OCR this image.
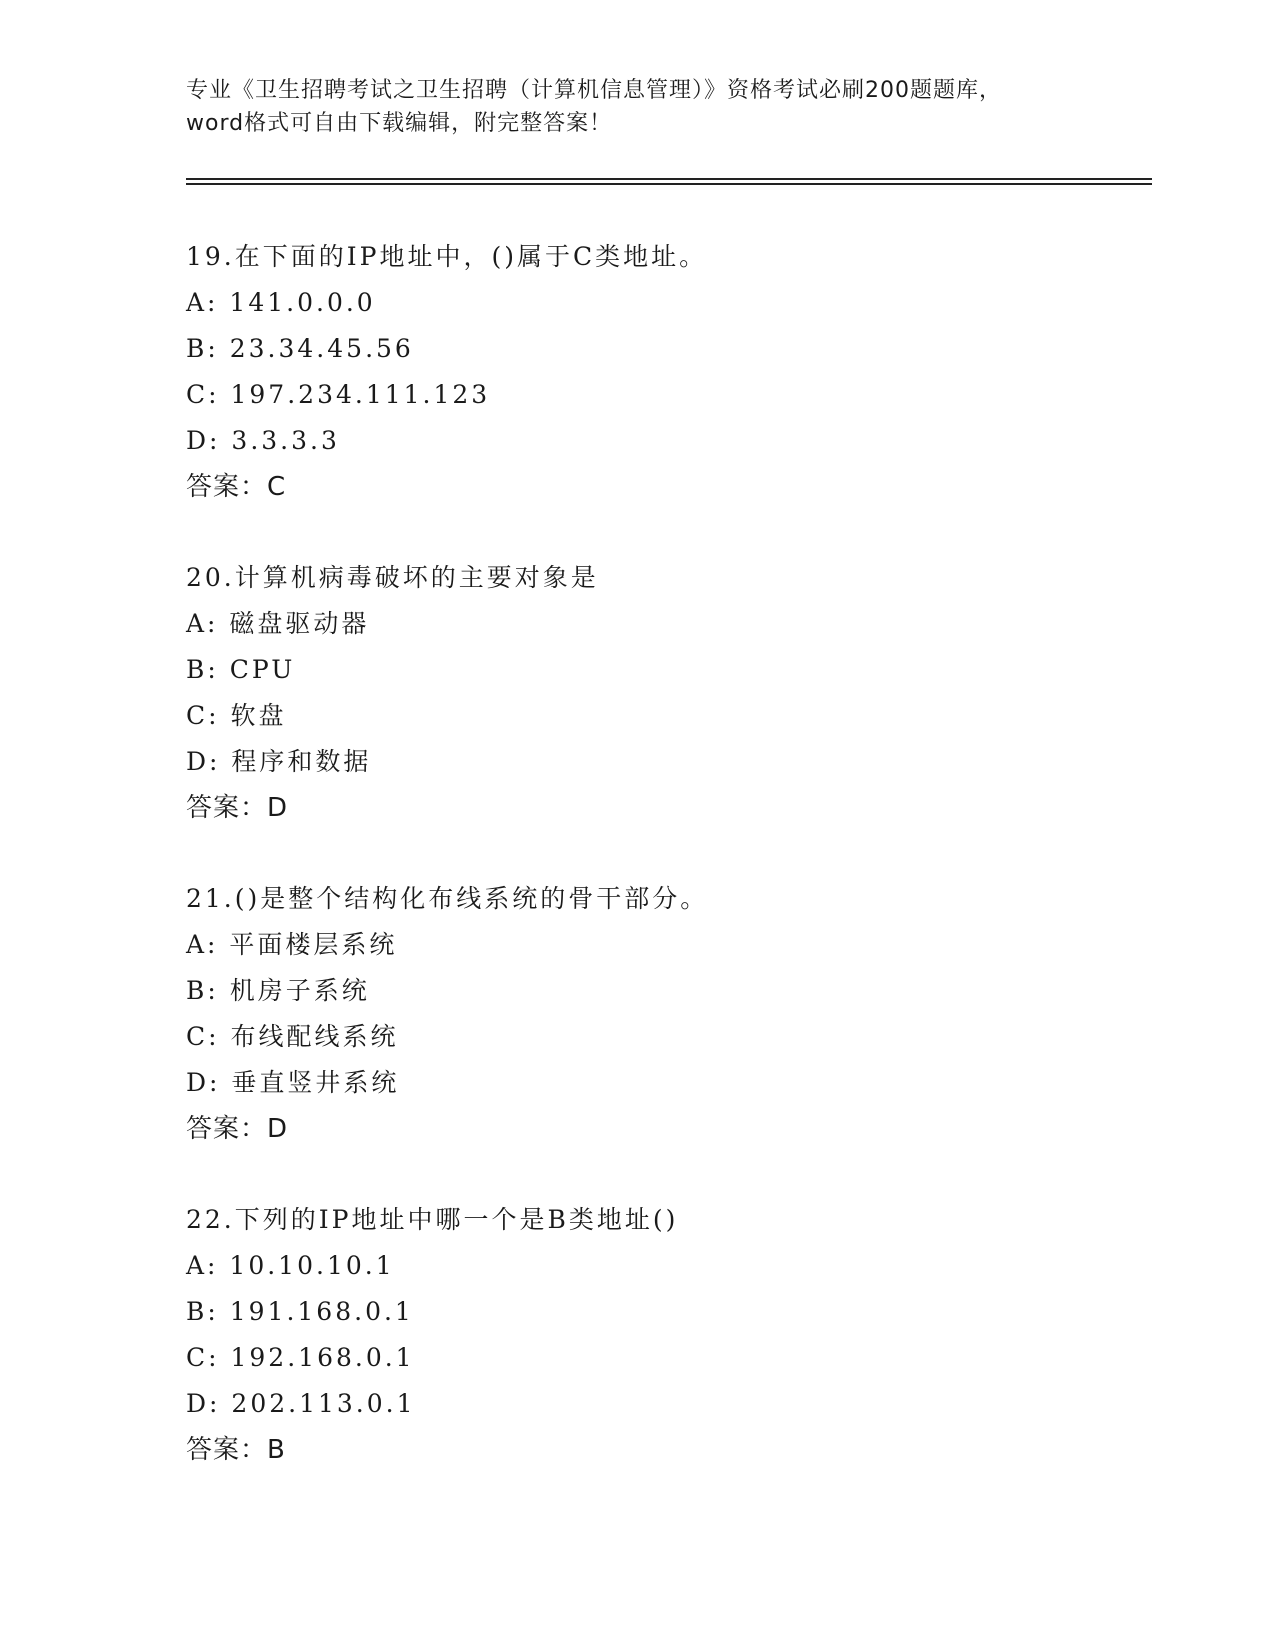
专业《卫生招聘考试之卫生招聘（计算机信息管理）》资格考试必刷200题题库，
word格式可自由下载编辑，附完整答案！
19.在下面的IP地址中，()属于C类地址。
A: 141.0.0.0
B: 23.34.45.56
C: 197.234.111.123
D: 3.3.3.3
答案：C
20.计算机病毒破坏的主要对象是
A: 磁盘驱动器
B: CPU
C: 软盘
D: 程序和数据
答案：D
21.()是整个结构化布线系统的骨干部分。
A: 平面楼层系统
B: 机房子系统
C: 布线配线系统
D: 垂直竖井系统
答案：D
22.下列的IP地址中哪一个是B类地址()
A: 10.10.10.1
B: 191.168.0.1
C: 192.168.0.1
D: 202.113.0.1
答案：B
